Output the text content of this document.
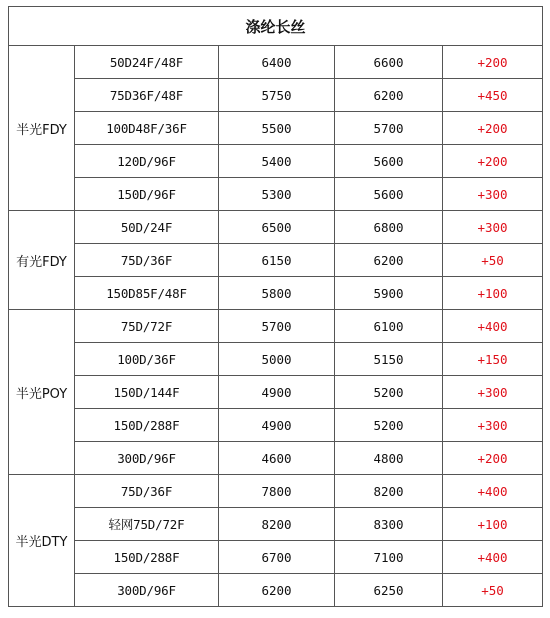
涤纶长丝				
半光FDY	50D24F/48F	6400	6600	+200
	75D36F/48F	5750	6200	+450
	100D48F/36F	5500	5700	+200
	120D/96F	5400	5600	+200
	150D/96F	5300	5600	+300
有光FDY	50D/24F	6500	6800	+300
	75D/36F	6150	6200	+50
	150D85F/48F	5800	5900	+100
半光POY	75D/72F	5700	6100	+400
	100D/36F	5000	5150	+150
	150D/144F	4900	5200	+300
	150D/288F	4900	5200	+300
	300D/96F	4600	4800	+200
半光DTY	75D/36F	7800	8200	+400
	轻网75D/72F	8200	8300	+100
	150D/288F	6700	7100	+400
	300D/96F	6200	6250	+50
